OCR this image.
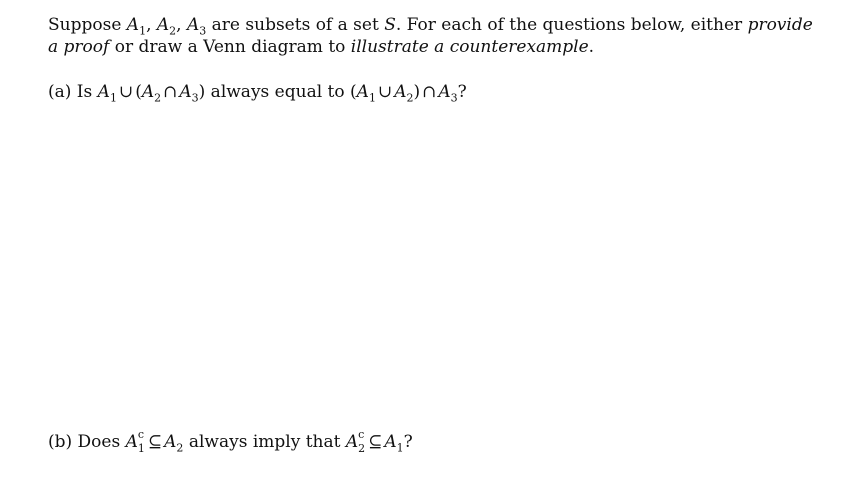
Suppose $A_1$, $A_2$, $A_3$ are subsets of a set S. For each of the questions below, either provide a proof or draw a Venn diagram to illustrate a counterexample.
(a) Is $A_1$ ∪ ($A_2$ ∩ $A_3$) always equal to ($A_1$ ∪ $A_2$) ∩ $A_3$?
(b) Does A c
1 ⊆ $A_2$ always imply that A c
2 ⊆ $A_1$?
